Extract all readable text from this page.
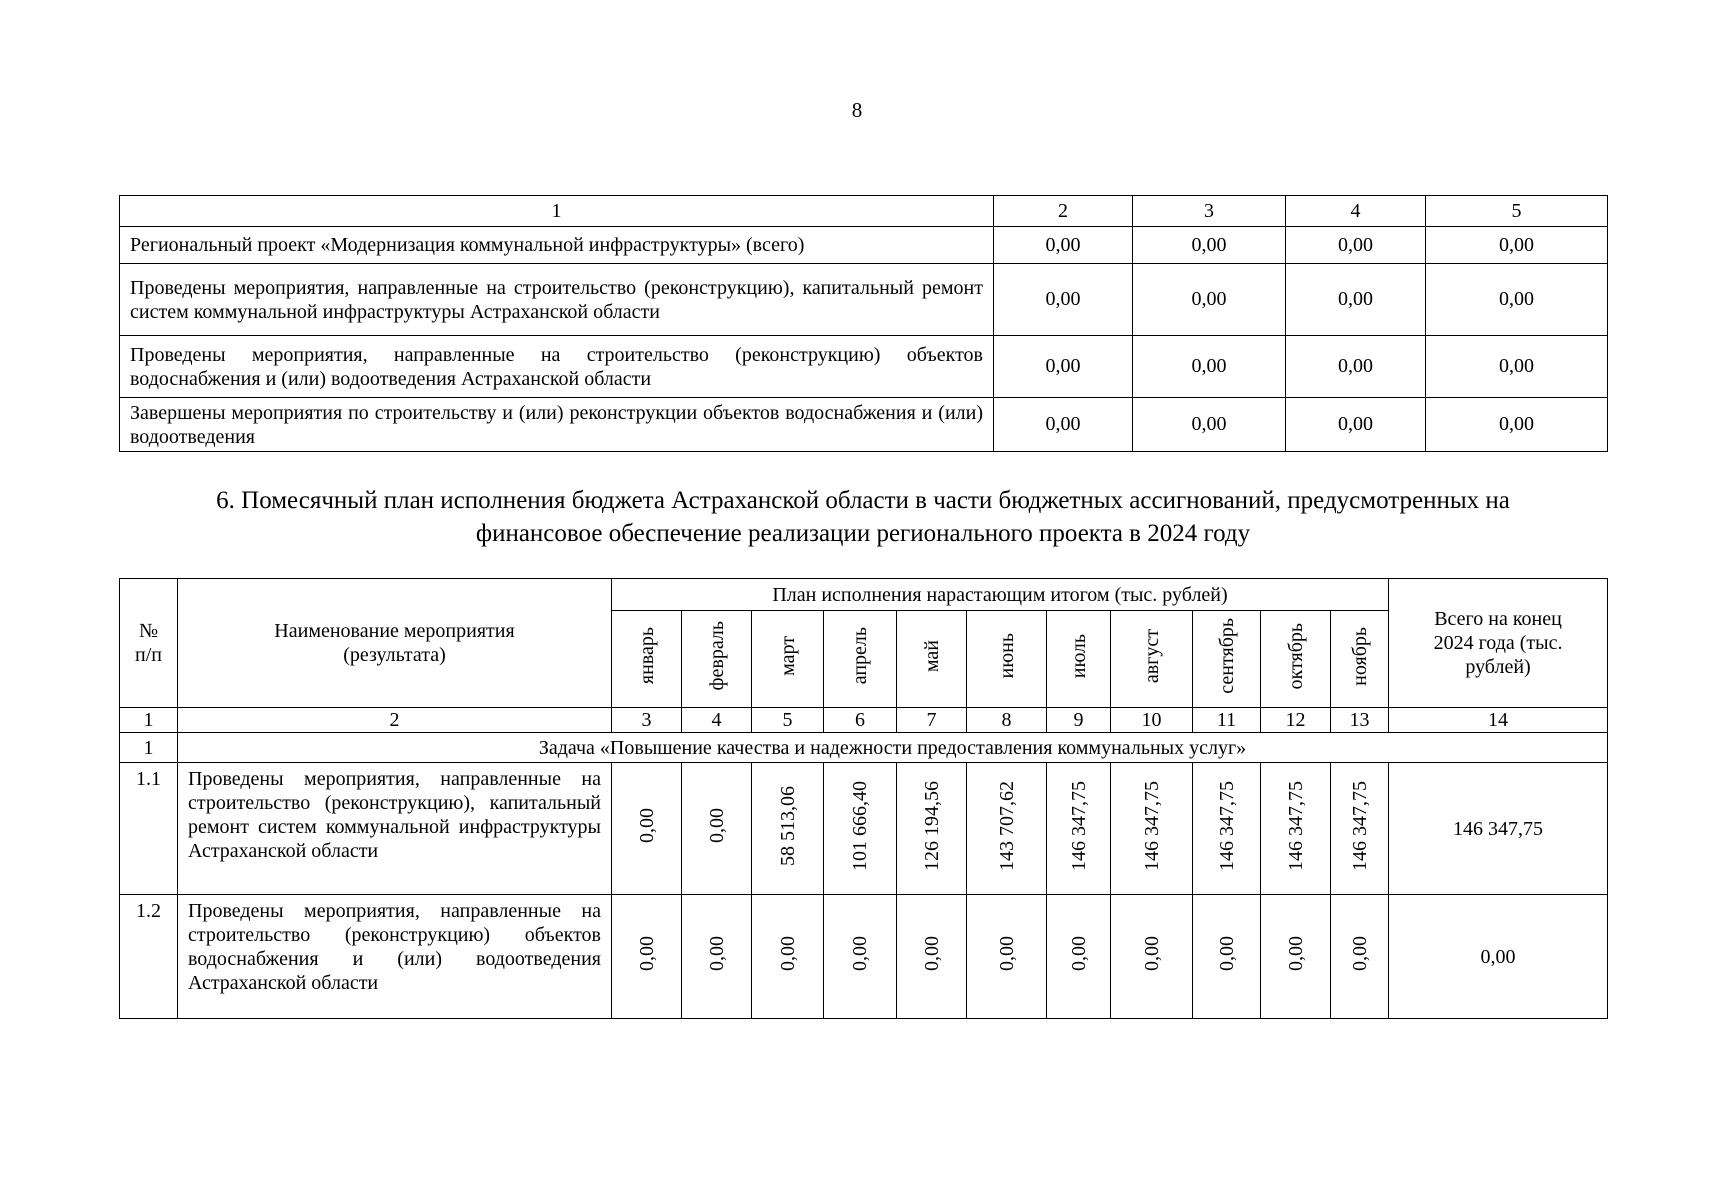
8
1	2	3	4	5
Региональный проект «Модернизация коммунальной инфраструктуры» (всего)	0,00	0,00	0,00	0,00
Проведены мероприятия, направленные на строительство (реконструкцию), капитальный ремонт систем коммунальной инфраструктуры Астраханской области	0,00	0,00	0,00	0,00
Проведены мероприятия, направленные на строительство (реконструкцию) объектов водоснабжения и (или) водоотведения Астраханской области	0,00	0,00	0,00	0,00
Завершены мероприятия по строительству и (или) реконструкции объектов водоснабжения и (или) водоотведения	0,00	0,00	0,00	0,00
6. Помесячный план исполнения бюджета Астраханской области в части бюджетных ассигнований, предусмотренных на
финансовое обеспечение реализации регионального проекта в 2024 году
№ п/п	Наименование мероприятия (результата)	План исполнения нарастающим итогом (тыс. рублей)											Всего на конец 2024 года (тыс. рублей)
		январь	февраль	март	апрель	май	июнь	июль	август	сентябрь	октябрь	ноябрь	
1	2	3	4	5	6	7	8	9	10	11	12	13	14
1	Задача «Повышение качества и надежности предоставления коммунальных услуг»												
1.1	Проведены мероприятия, направленные на строительство (реконструкцию), капитальный ремонт систем коммунальной инфраструктуры Астраханской области	0,00	0,00	58 513,06	101 666,40	126 194,56	143 707,62	146 347,75	146 347,75	146 347,75	146 347,75	146 347,75	146 347,75
1.2	Проведены мероприятия, направленные на строительство (реконструкцию) объектов водоснабжения и (или) водоотведения Астраханской области	0,00	0,00	0,00	0,00	0,00	0,00	0,00	0,00	0,00	0,00	0,00	0,00
